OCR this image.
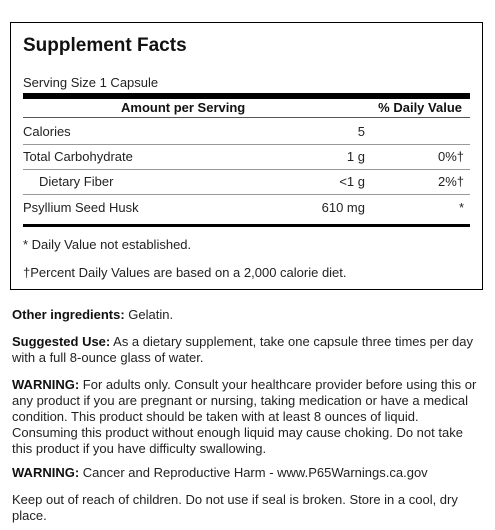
Supplement Facts
Serving Size 1 Capsule
Amount per Serving	% Daily Value
Calories	5
Total Carbohydrate	1 g	0%†
Dietary Fiber	<1 g	2%†
Psyllium Seed Husk	610 mg	*
* Daily Value not established.
†Percent Daily Values are based on a 2,000 calorie diet.
Other ingredients: Gelatin.
Suggested Use: As a dietary supplement, take one capsule three times per day with a full 8-ounce glass of water.
WARNING: For adults only. Consult your healthcare provider before using this or any product if you are pregnant or nursing, taking medication or have a medical condition. This product should be taken with at least 8 ounces of liquid. Consuming this product without enough liquid may cause choking. Do not take this product if you have difficulty swallowing.
WARNING: Cancer and Reproductive Harm - www.P65Warnings.ca.gov
Keep out of reach of children. Do not use if seal is broken. Store in a cool, dry place.
